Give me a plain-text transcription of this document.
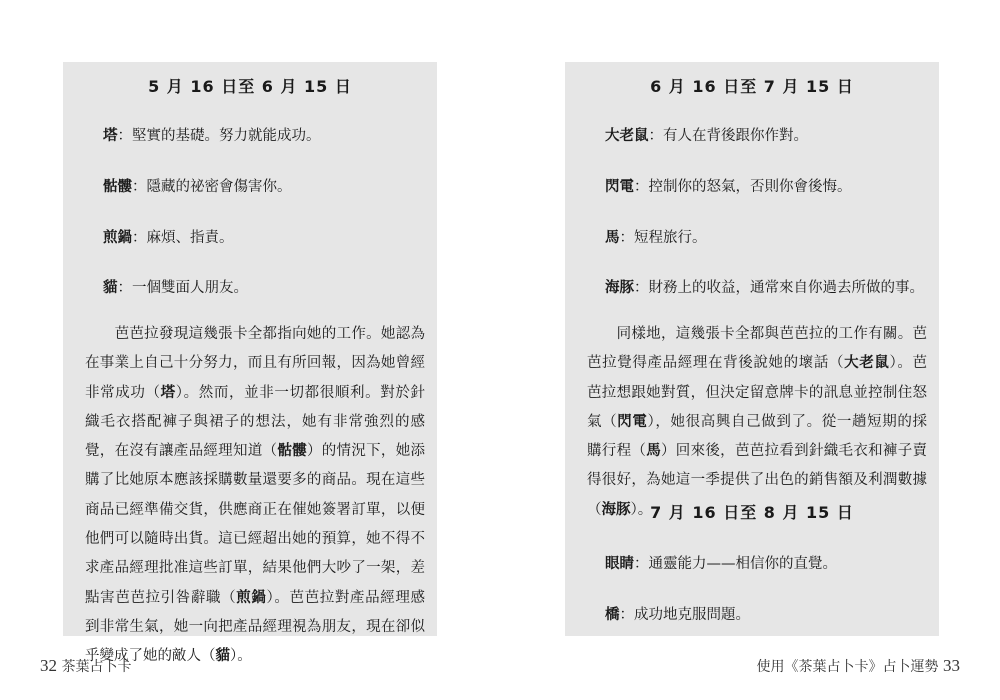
5 月 16 日至 6 月 15 日
塔：堅實的基礎。努力就能成功。
骷髏：隱藏的祕密會傷害你。
煎鍋：麻煩、指責。
貓：一個雙面人朋友。

　　芭芭拉發現這幾張卡全都指向她的工作。她認為在事業上自己十分努力，而且有所回報，因為她曾經非常成功（塔）。然而，並非一切都很順利。對於針織毛衣搭配褲子與裙子的想法，她有非常強烈的感覺，在沒有讓產品經理知道（骷髏）的情況下，她添購了比她原本應該採購數量還要多的商品。現在這些商品已經準備交貨，供應商正在催她簽署訂單，以便他們可以隨時出貨。這已經超出她的預算，她不得不求產品經理批准這些訂單，結果他們大吵了一架，差點害芭芭拉引咎辭職（煎鍋）。芭芭拉對產品經理感到非常生氣，她一向把產品經理視為朋友，現在卻似乎變成了她的敵人（貓）。

6 月 16 日至 7 月 15 日
大老鼠：有人在背後跟你作對。
閃電：控制你的怒氣，否則你會後悔。
馬：短程旅行。
海豚：財務上的收益，通常來自你過去所做的事。

　　同樣地，這幾張卡全都與芭芭拉的工作有關。芭芭拉覺得產品經理在背後說她的壞話（大老鼠）。芭芭拉想跟她對質，但決定留意牌卡的訊息並控制住怒氣（閃電），她很高興自己做到了。從一趟短期的採購行程（馬）回來後，芭芭拉看到針織毛衣和褲子賣得很好，為她這一季提供了出色的銷售額及利潤數據（海豚）。

7 月 16 日至 8 月 15 日
眼睛：通靈能力——相信你的直覺。
橋：成功地克服問題。
32 茶葉占卜卡	使用《茶葉占卜卡》占卜運勢 33
